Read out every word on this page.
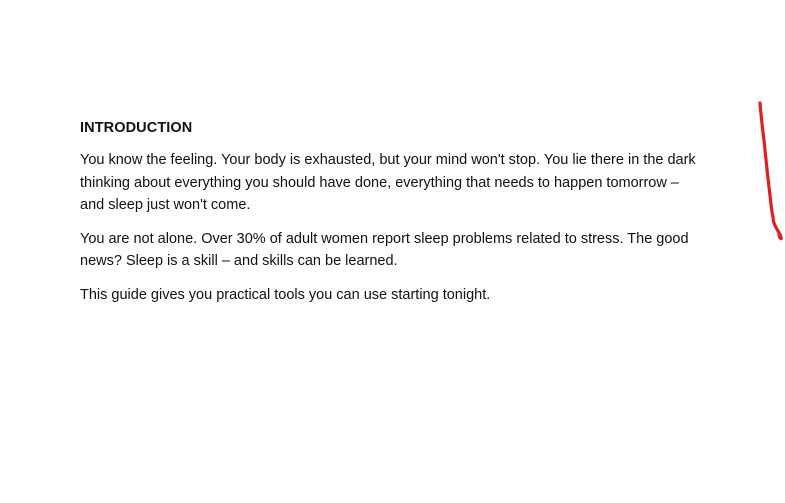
INTRODUCTION

You know the feeling. Your body is exhausted, but your mind won't stop. You lie there in the dark thinking about everything you should have done, everything that needs to happen tomorrow – and sleep just won't come.

You are not alone. Over 30% of adult women report sleep problems related to stress. The good news? Sleep is a skill – and skills can be learned.

This guide gives you practical tools you can use starting tonight.
